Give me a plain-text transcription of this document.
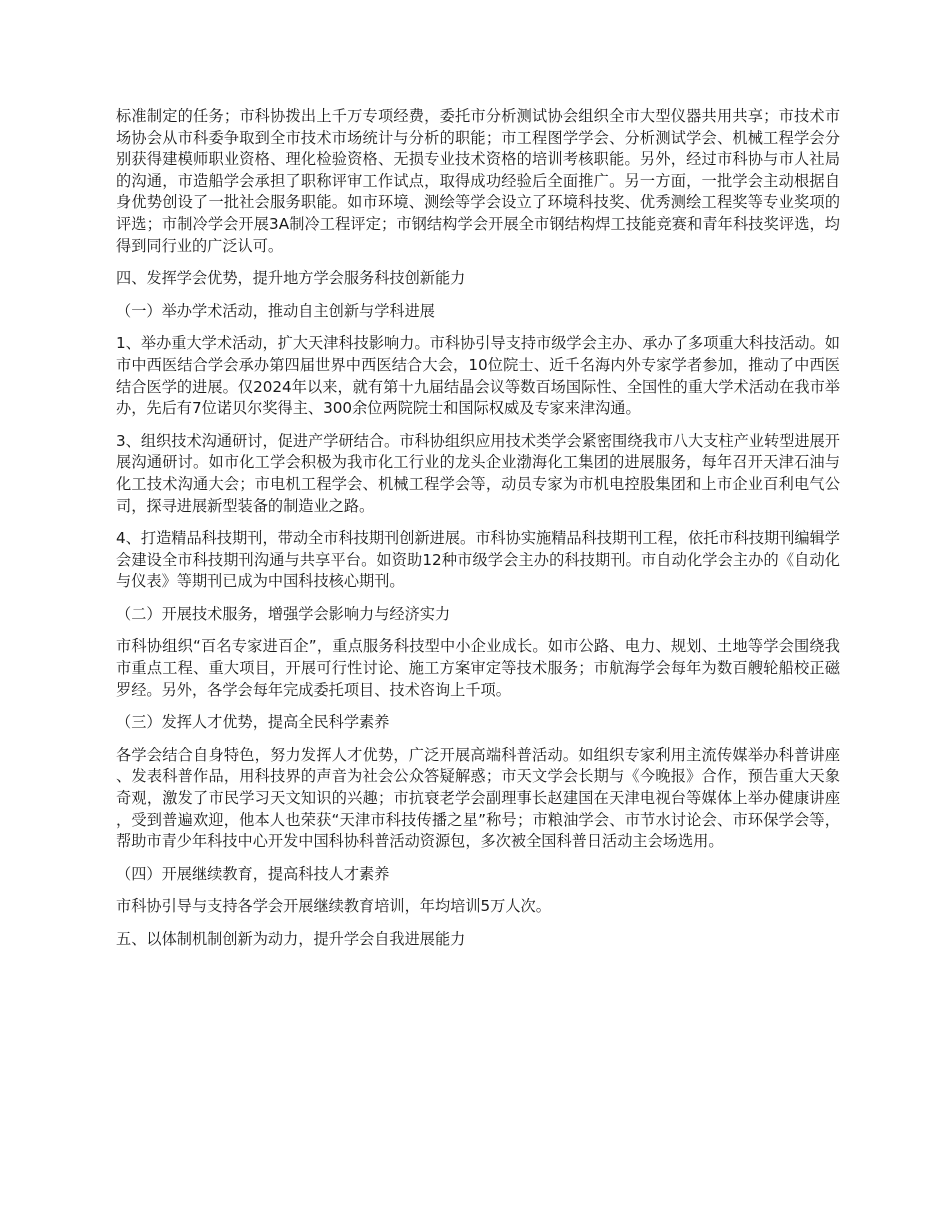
标准制定的任务；市科协拨出上千万专项经费，委托市分析测试协会组织全市大型仪器共用共享；市技术市场协会从市科委争取到全市技术市场统计与分析的职能；市工程图学学会、分析测试学会、机械工程学会分别获得建模师职业资格、理化检验资格、无损专业技术资格的培训考核职能。另外，经过市科协与市人社局的沟通，市造船学会承担了职称评审工作试点，取得成功经验后全面推广。另一方面，一批学会主动根据自身优势创设了一批社会服务职能。如市环境、测绘等学会设立了环境科技奖、优秀测绘工程奖等专业奖项的评选；市制冷学会开展3A制冷工程评定；市钢结构学会开展全市钢结构焊工技能竞赛和青年科技奖评选，均得到同行业的广泛认可。

四、发挥学会优势，提升地方学会服务科技创新能力

（一）举办学术活动，推动自主创新与学科进展

1、举办重大学术活动，扩大天津科技影响力。市科协引导支持市级学会主办、承办了多项重大科技活动。如市中西医结合学会承办第四届世界中西医结合大会，10位院士、近千名海内外专家学者参加，推动了中西医结合医学的进展。仅2024年以来，就有第十九届结晶会议等数百场国际性、全国性的重大学术活动在我市举办，先后有7位诺贝尔奖得主、300余位两院院士和国际权威及专家来津沟通。

3、组织技术沟通研讨，促进产学研结合。市科协组织应用技术类学会紧密围绕我市八大支柱产业转型进展开展沟通研讨。如市化工学会积极为我市化工行业的龙头企业渤海化工集团的进展服务，每年召开天津石油与化工技术沟通大会；市电机工程学会、机械工程学会等，动员专家为市机电控股集团和上市企业百利电气公司，探寻进展新型装备的制造业之路。

4、打造精品科技期刊，带动全市科技期刊创新进展。市科协实施精品科技期刊工程，依托市科技期刊编辑学会建设全市科技期刊沟通与共享平台。如资助12种市级学会主办的科技期刊。市自动化学会主办的《自动化与仪表》等期刊已成为中国科技核心期刊。

（二）开展技术服务，增强学会影响力与经济实力

市科协组织“百名专家进百企”，重点服务科技型中小企业成长。如市公路、电力、规划、土地等学会围绕我市重点工程、重大项目，开展可行性讨论、施工方案审定等技术服务；市航海学会每年为数百艘轮船校正磁罗经。另外，各学会每年完成委托项目、技术咨询上千项。

（三）发挥人才优势，提高全民科学素养

各学会结合自身特色，努力发挥人才优势，广泛开展高端科普活动。如组织专家利用主流传媒举办科普讲座、发表科普作品，用科技界的声音为社会公众答疑解惑；市天文学会长期与《今晚报》合作，预告重大天象奇观，激发了市民学习天文知识的兴趣；市抗衰老学会副理事长赵建国在天津电视台等媒体上举办健康讲座，受到普遍欢迎，他本人也荣获“天津市科技传播之星”称号；市粮油学会、市节水讨论会、市环保学会等，帮助市青少年科技中心开发中国科协科普活动资源包，多次被全国科普日活动主会场选用。

（四）开展继续教育，提高科技人才素养

市科协引导与支持各学会开展继续教育培训，年均培训5万人次。

五、以体制机制创新为动力，提升学会自我进展能力
